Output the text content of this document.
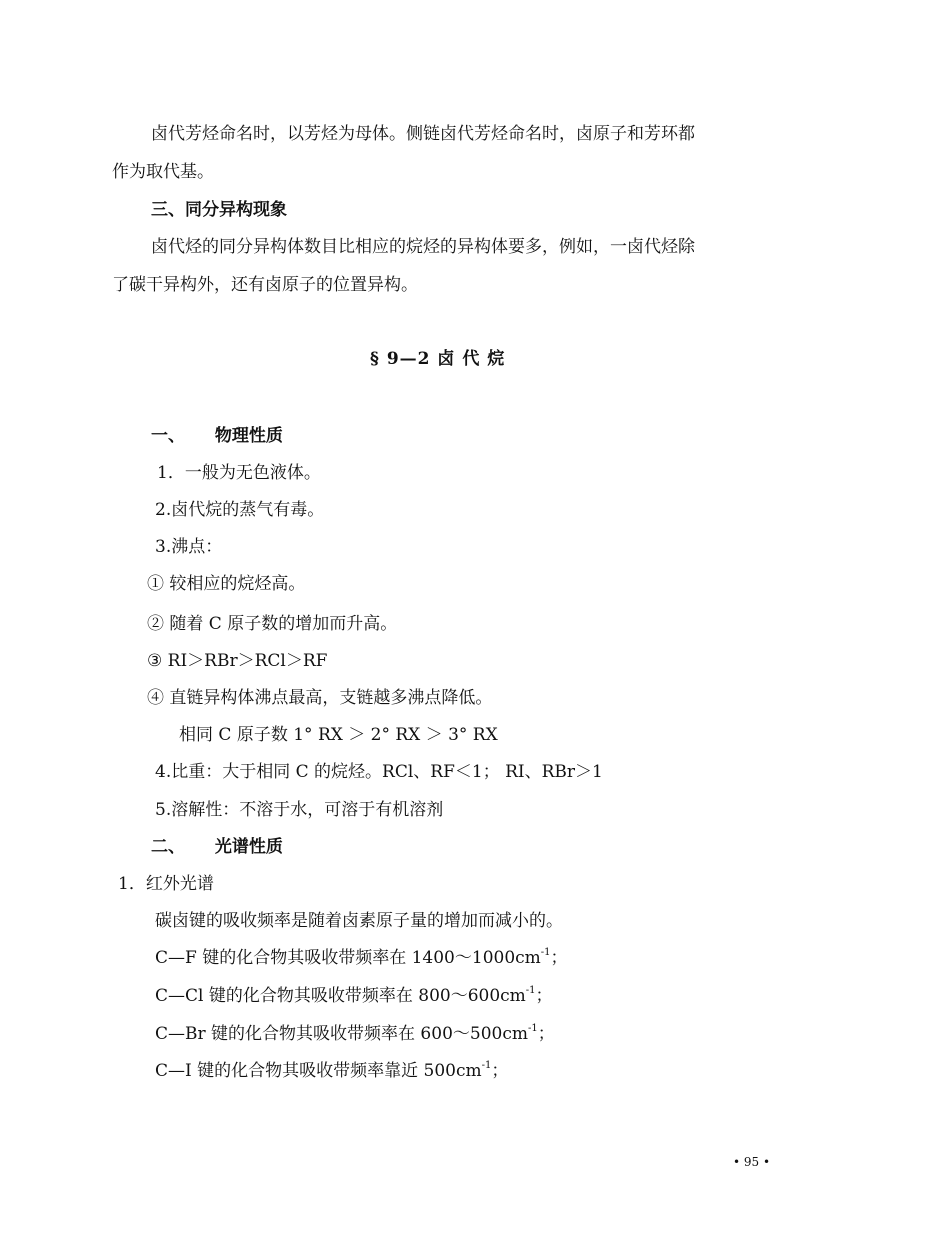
卤代芳烃命名时，以芳烃为母体。侧链卤代芳烃命名时，卤原子和芳环都
作为取代基。
三、同分异构现象
卤代烃的同分异构体数目比相应的烷烃的异构体要多，例如，一卤代烃除
了碳干异构外，还有卤原子的位置异构。
§ 9—2 卤 代 烷
一、 物理性质
1．一般为无色液体。
2.卤代烷的蒸气有毒。
3.沸点：
① 较相应的烷烃高。
② 随着 C 原子数的增加而升高。
③ RI＞RBr＞RCl＞RF
④ 直链异构体沸点最高，支链越多沸点降低。
相同 C 原子数 1° RX ＞ 2° RX ＞ 3° RX
4.比重：大于相同 C 的烷烃。RCl、RF＜1； RI、RBr＞1
5.溶解性：不溶于水，可溶于有机溶剂
二、 光谱性质
1．红外光谱
碳卤键的吸收频率是随着卤素原子量的增加而减小的。
C—F 键的化合物其吸收带频率在 $1400\sim 1000cm^{-1}$；
C—Cl 键的化合物其吸收带频率在 $800\sim 600cm^{-1}$；
C—Br 键的化合物其吸收带频率在 $600\sim 500cm^{-1}$；
C—I 键的化合物其吸收带频率靠近 $500cm^{-1}$；
• 95 •
